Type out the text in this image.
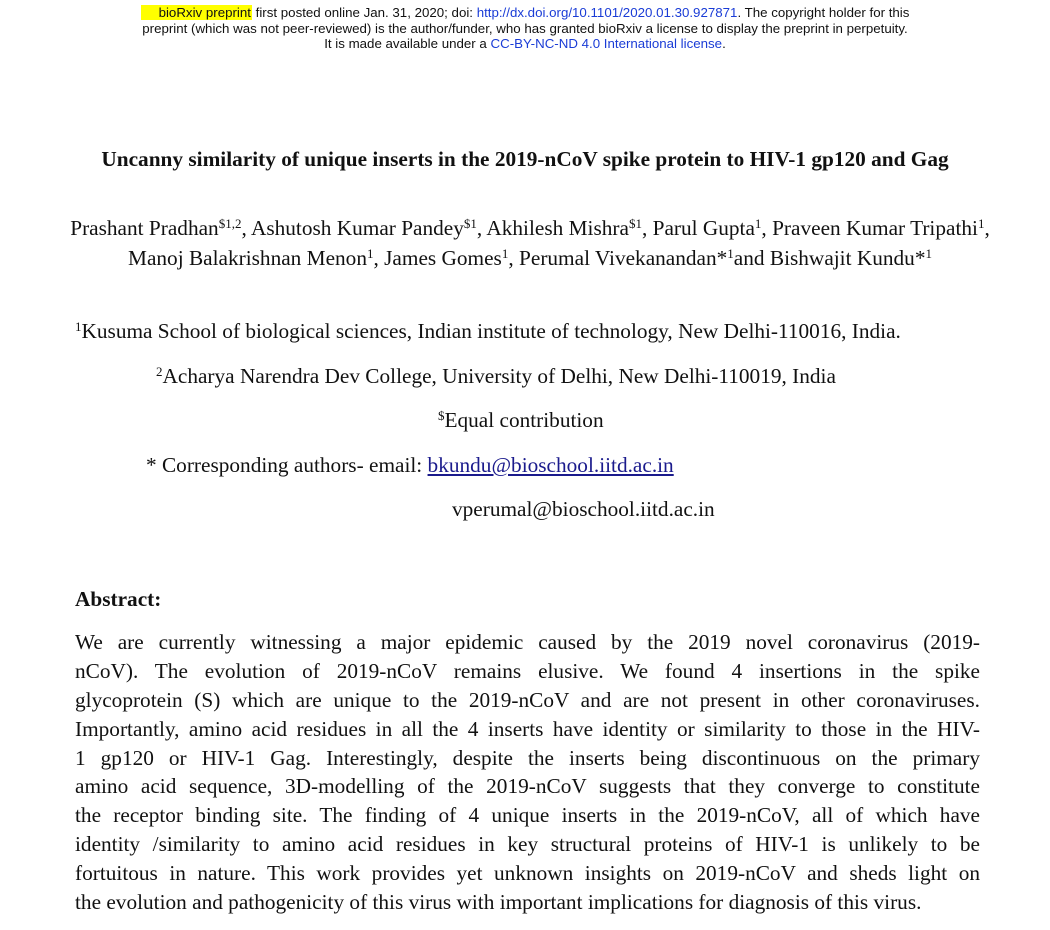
bioRxiv preprint first posted online Jan. 31, 2020; doi: http://dx.doi.org/10.1101/2020.01.30.927871. The copyright holder for this
preprint (which was not peer-reviewed) is the author/funder, who has granted bioRxiv a license to display the preprint in perpetuity.
It is made available under a CC-BY-NC-ND 4.0 International license.
Uncanny similarity of unique inserts in the 2019-nCoV spike protein to HIV-1 gp120 and Gag
Prashant Pradhan$^{\$1,2}$, Ashutosh Kumar Pandey$^{\$1}$, Akhilesh Mishra$^{\$1}$, Parul Gupta$^1$, Praveen Kumar Tripathi$^1$, Manoj Balakrishnan Menon$^1$, James Gomes$^1$, Perumal Vivekanandan*$^1$and Bishwajit Kundu*$^1$
$^1$Kusuma School of biological sciences, Indian institute of technology, New Delhi-110016, India.
$^2$Acharya Narendra Dev College, University of Delhi, New Delhi-110019, India
$Equal contribution
* Corresponding authors- email: bkundu@bioschool.iitd.ac.in
vperumal@bioschool.iitd.ac.in
Abstract:
We are currently witnessing a major epidemic caused by the 2019 novel coronavirus (2019-
nCoV). The evolution of 2019-nCoV remains elusive. We found 4 insertions in the spike
glycoprotein (S) which are unique to the 2019-nCoV and are not present in other coronaviruses.
Importantly, amino acid residues in all the 4 inserts have identity or similarity to those in the HIV-
1 gp120 or HIV-1 Gag. Interestingly, despite the inserts being discontinuous on the primary
amino acid sequence, 3D-modelling of the 2019-nCoV suggests that they converge to constitute
the receptor binding site. The finding of 4 unique inserts in the 2019-nCoV, all of which have
identity /similarity to amino acid residues in key structural proteins of HIV-1 is unlikely to be
fortuitous in nature. This work provides yet unknown insights on 2019-nCoV and sheds light on
the evolution and pathogenicity of this virus with important implications for diagnosis of this virus.
